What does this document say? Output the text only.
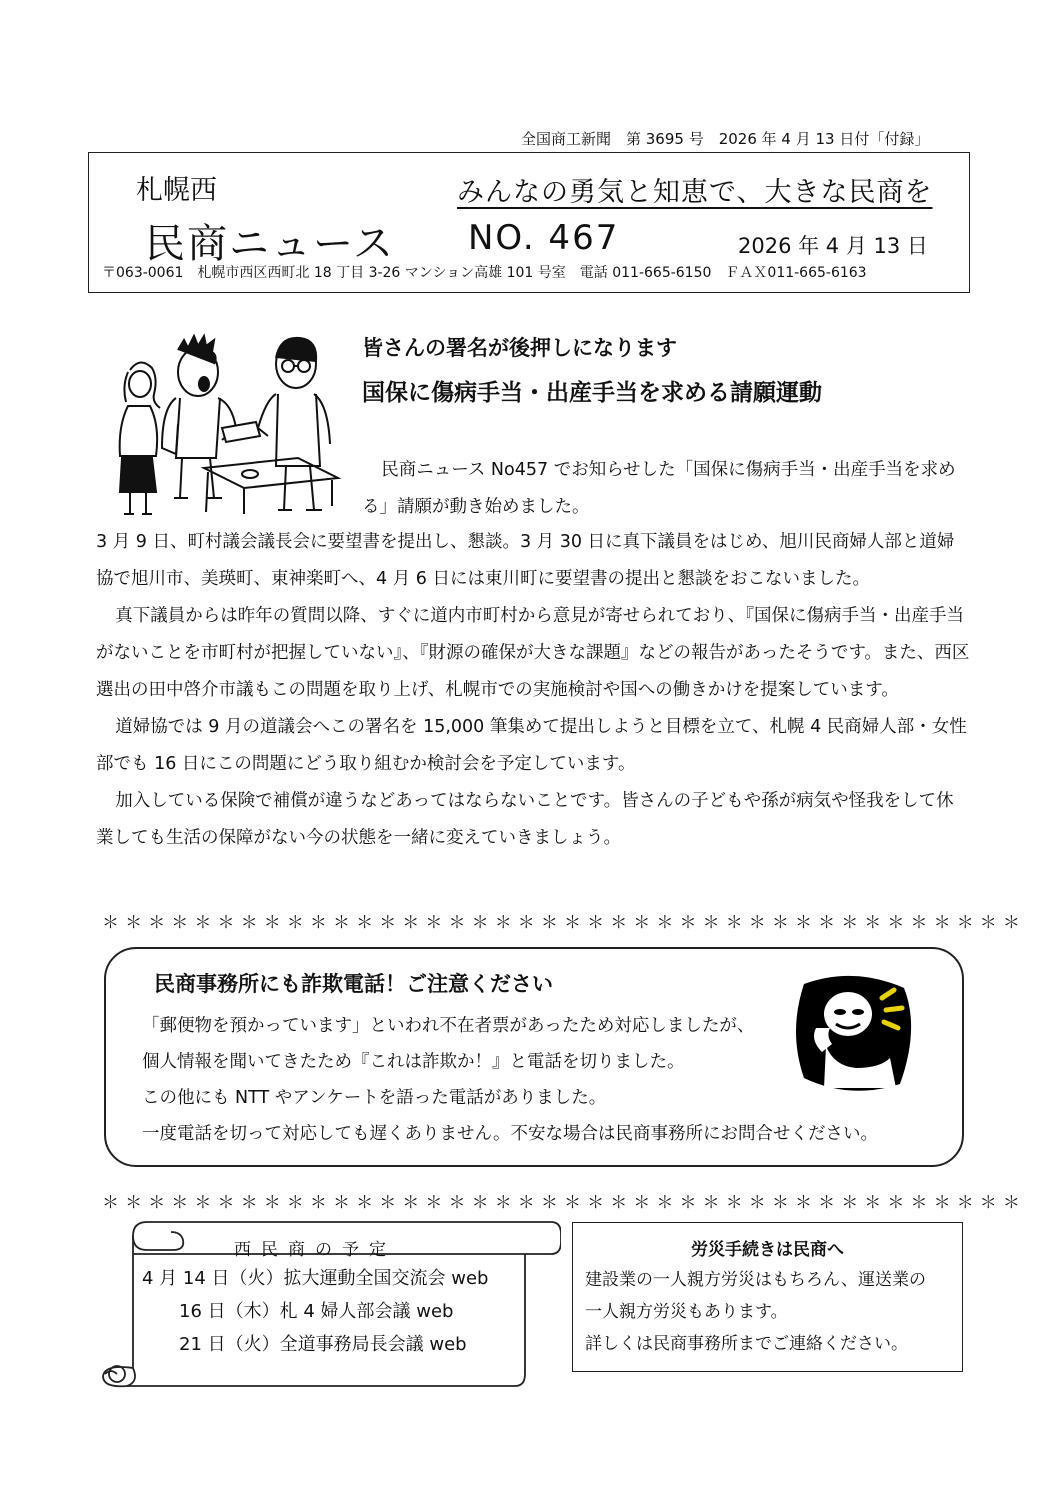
全国商工新聞　第 3695 号　2026 年 4 月 13 日付「付録」
札幌西
民商ニュース
みんなの勇気と知恵で、大きな民商を
NO. 467	2026 年 4 月 13 日
〒063-0061　札幌市西区西町北 18 丁目 3-26 マンション高雄 101 号室　電話 011-665-6150　ＦＡＸ011-665-6163
皆さんの署名が後押しになります
国保に傷病手当・出産手当を求める請願運動
民商ニュース No457 でお知らせした「国保に傷病手当・出産手当を求める」請願が動き始めました。
3 月 9 日、町村議会議長会に要望書を提出し、懇談。3 月 30 日に真下議員をはじめ、旭川民商婦人部と道婦協で旭川市、美瑛町、東神楽町へ、4 月 6 日には東川町に要望書の提出と懇談をおこないました。
真下議員からは昨年の質問以降、すぐに道内市町村から意見が寄せられており、『国保に傷病手当・出産手当がないことを市町村が把握していない』、『財源の確保が大きな課題』などの報告があったそうです。また、西区選出の田中啓介市議もこの問題を取り上げ、札幌市での実施検討や国への働きかけを提案しています。
道婦協では 9 月の道議会へこの署名を 15,000 筆集めて提出しようと目標を立て、札幌 4 民商婦人部・女性部でも 16 日にこの問題にどう取り組むか検討会を予定しています。
加入している保険で補償が違うなどあってはならないことです。皆さんの子どもや孫が病気や怪我をして休業しても生活の保障がない今の状態を一緒に変えていきましょう。
＊＊＊＊＊＊＊＊＊＊＊＊＊＊＊＊＊＊＊＊＊＊＊＊＊＊＊＊＊＊＊＊＊＊＊＊＊＊＊＊
民商事務所にも詐欺電話！ご注意ください
「郵便物を預かっています」といわれ不在者票があったため対応しましたが、
個人情報を聞いてきたため『これは詐欺か！』と電話を切りました。
この他にも NTT やアンケートを語った電話がありました。
一度電話を切って対応しても遅くありません。不安な場合は民商事務所にお問合せください。
＊＊＊＊＊＊＊＊＊＊＊＊＊＊＊＊＊＊＊＊＊＊＊＊＊＊＊＊＊＊＊＊＊＊＊＊＊＊＊＊
西民商の予定
4 月 14 日（火）拡大運動全国交流会 web
16 日（木）札 4 婦人部会議 web
21 日（火）全道事務局長会議 web
労災手続きは民商へ
建設業の一人親方労災はもちろん、運送業の
一人親方労災もあります。
詳しくは民商事務所までご連絡ください。
